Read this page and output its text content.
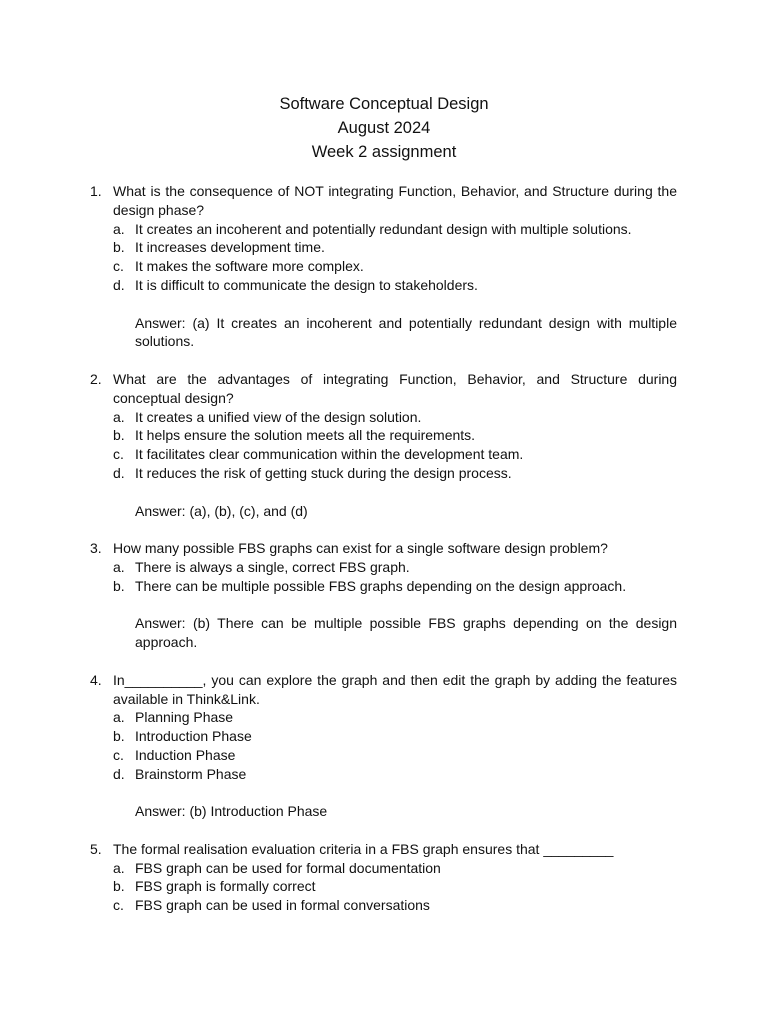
Software Conceptual Design
August 2024
Week 2 assignment
1. What is the consequence of NOT integrating Function, Behavior, and Structure during the design phase?
a. It creates an incoherent and potentially redundant design with multiple solutions.
b. It increases development time.
c. It makes the software more complex.
d. It is difficult to communicate the design to stakeholders.
Answer: (a) It creates an incoherent and potentially redundant design with multiple solutions.
2. What are the advantages of integrating Function, Behavior, and Structure during conceptual design?
a. It creates a unified view of the design solution.
b. It helps ensure the solution meets all the requirements.
c. It facilitates clear communication within the development team.
d. It reduces the risk of getting stuck during the design process.
Answer: (a), (b), (c), and (d)
3. How many possible FBS graphs can exist for a single software design problem?
a. There is always a single, correct FBS graph.
b. There can be multiple possible FBS graphs depending on the design approach.
Answer: (b) There can be multiple possible FBS graphs depending on the design approach.
4. In__________, you can explore the graph and then edit the graph by adding the features available in Think&Link.
a. Planning Phase
b. Introduction Phase
c. Induction Phase
d. Brainstorm Phase
Answer: (b) Introduction Phase
5. The formal realisation evaluation criteria in a FBS graph ensures that _________
a. FBS graph can be used for formal documentation
b. FBS graph is formally correct
c. FBS graph can be used in formal conversations
